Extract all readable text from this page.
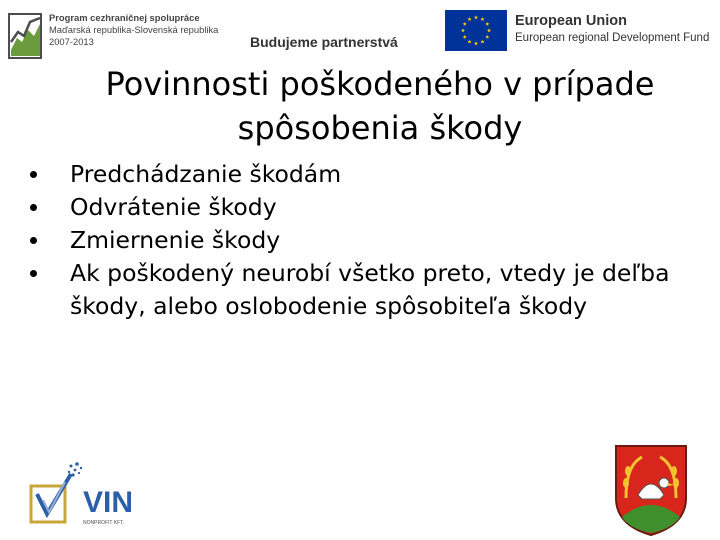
Program cezhraničnej spolupráce
Maďarská republika-Slovenská republika
2007-2013	Budujeme partnerstvá
European Union
European regional Development Fund
Povinnosti poškodeného v prípade spôsobenia škody
Predchádzanie škodám
Odvrátenie škody
Zmiernenie škody
Ak poškodený neurobí všetko preto, vtedy je deľba škody, alebo oslobodenie spôsobiteľa škody
VIN
NONPROFIT KFT.
